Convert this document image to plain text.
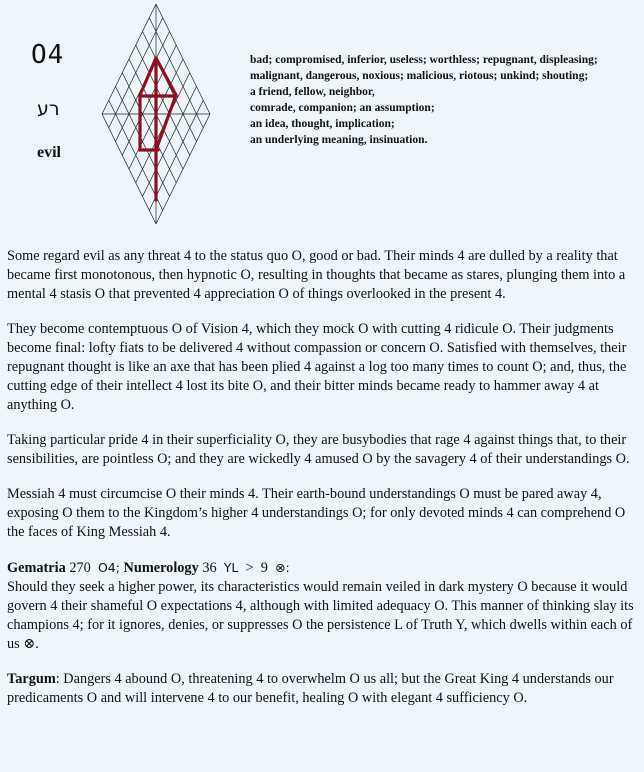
O4
רע
evil
bad; compromised, inferior, useless; worthless; repugnant, displeasing;
malignant, dangerous, noxious; malicious, riotous; unkind; shouting;
a friend, fellow, neighbor,
comrade, companion; an assumption;
an idea, thought, implication;
an underlying meaning, insinuation.

Some regard evil as any threat 4 to the status quo O, good or bad. Their minds 4 are dulled by a reality that became first monotonous, then hypnotic O, resulting in thoughts that became as stares, plunging them into a mental 4 stasis O that prevented 4 appreciation O of things overlooked in the present 4.

They become contemptuous O of Vision 4, which they mock O with cutting 4 ridicule O. Their judgments become final: lofty fiats to be delivered 4 without compassion or concern O. Satisfied with themselves, their repugnant thought is like an axe that has been plied 4 against a log too many times to count O; and, thus, the cutting edge of their intellect 4 lost its bite O, and their bitter minds became ready to hammer away 4 at anything O.

Taking particular pride 4 in their superficiality O, they are busybodies that rage 4 against things that, to their sensibilities, are pointless O; and they are wickedly 4 amused O by the savagery 4 of their understandings O.

Messiah 4 must circumcise O their minds 4. Their earth-bound understandings O must be pared away 4, exposing O them to the Kingdom’s higher 4 understandings O; for only devoted minds 4 can comprehend O the faces of King Messiah 4.

Gematria 270 O4; Numerology 36 YL > 9 ⊗:

Should they seek a higher power, its characteristics would remain veiled in dark mystery O because it would govern 4 their shameful O expectations 4, although with limited adequacy O. This manner of thinking slay its champions 4; for it ignores, denies, or suppresses O the persistence L of Truth Y, which dwells within each of us ⊗.

Targum: Dangers 4 abound O, threatening 4 to overwhelm O us all; but the Great King 4 understands our predicaments O and will intervene 4 to our benefit, healing O with elegant 4 sufficiency O.
